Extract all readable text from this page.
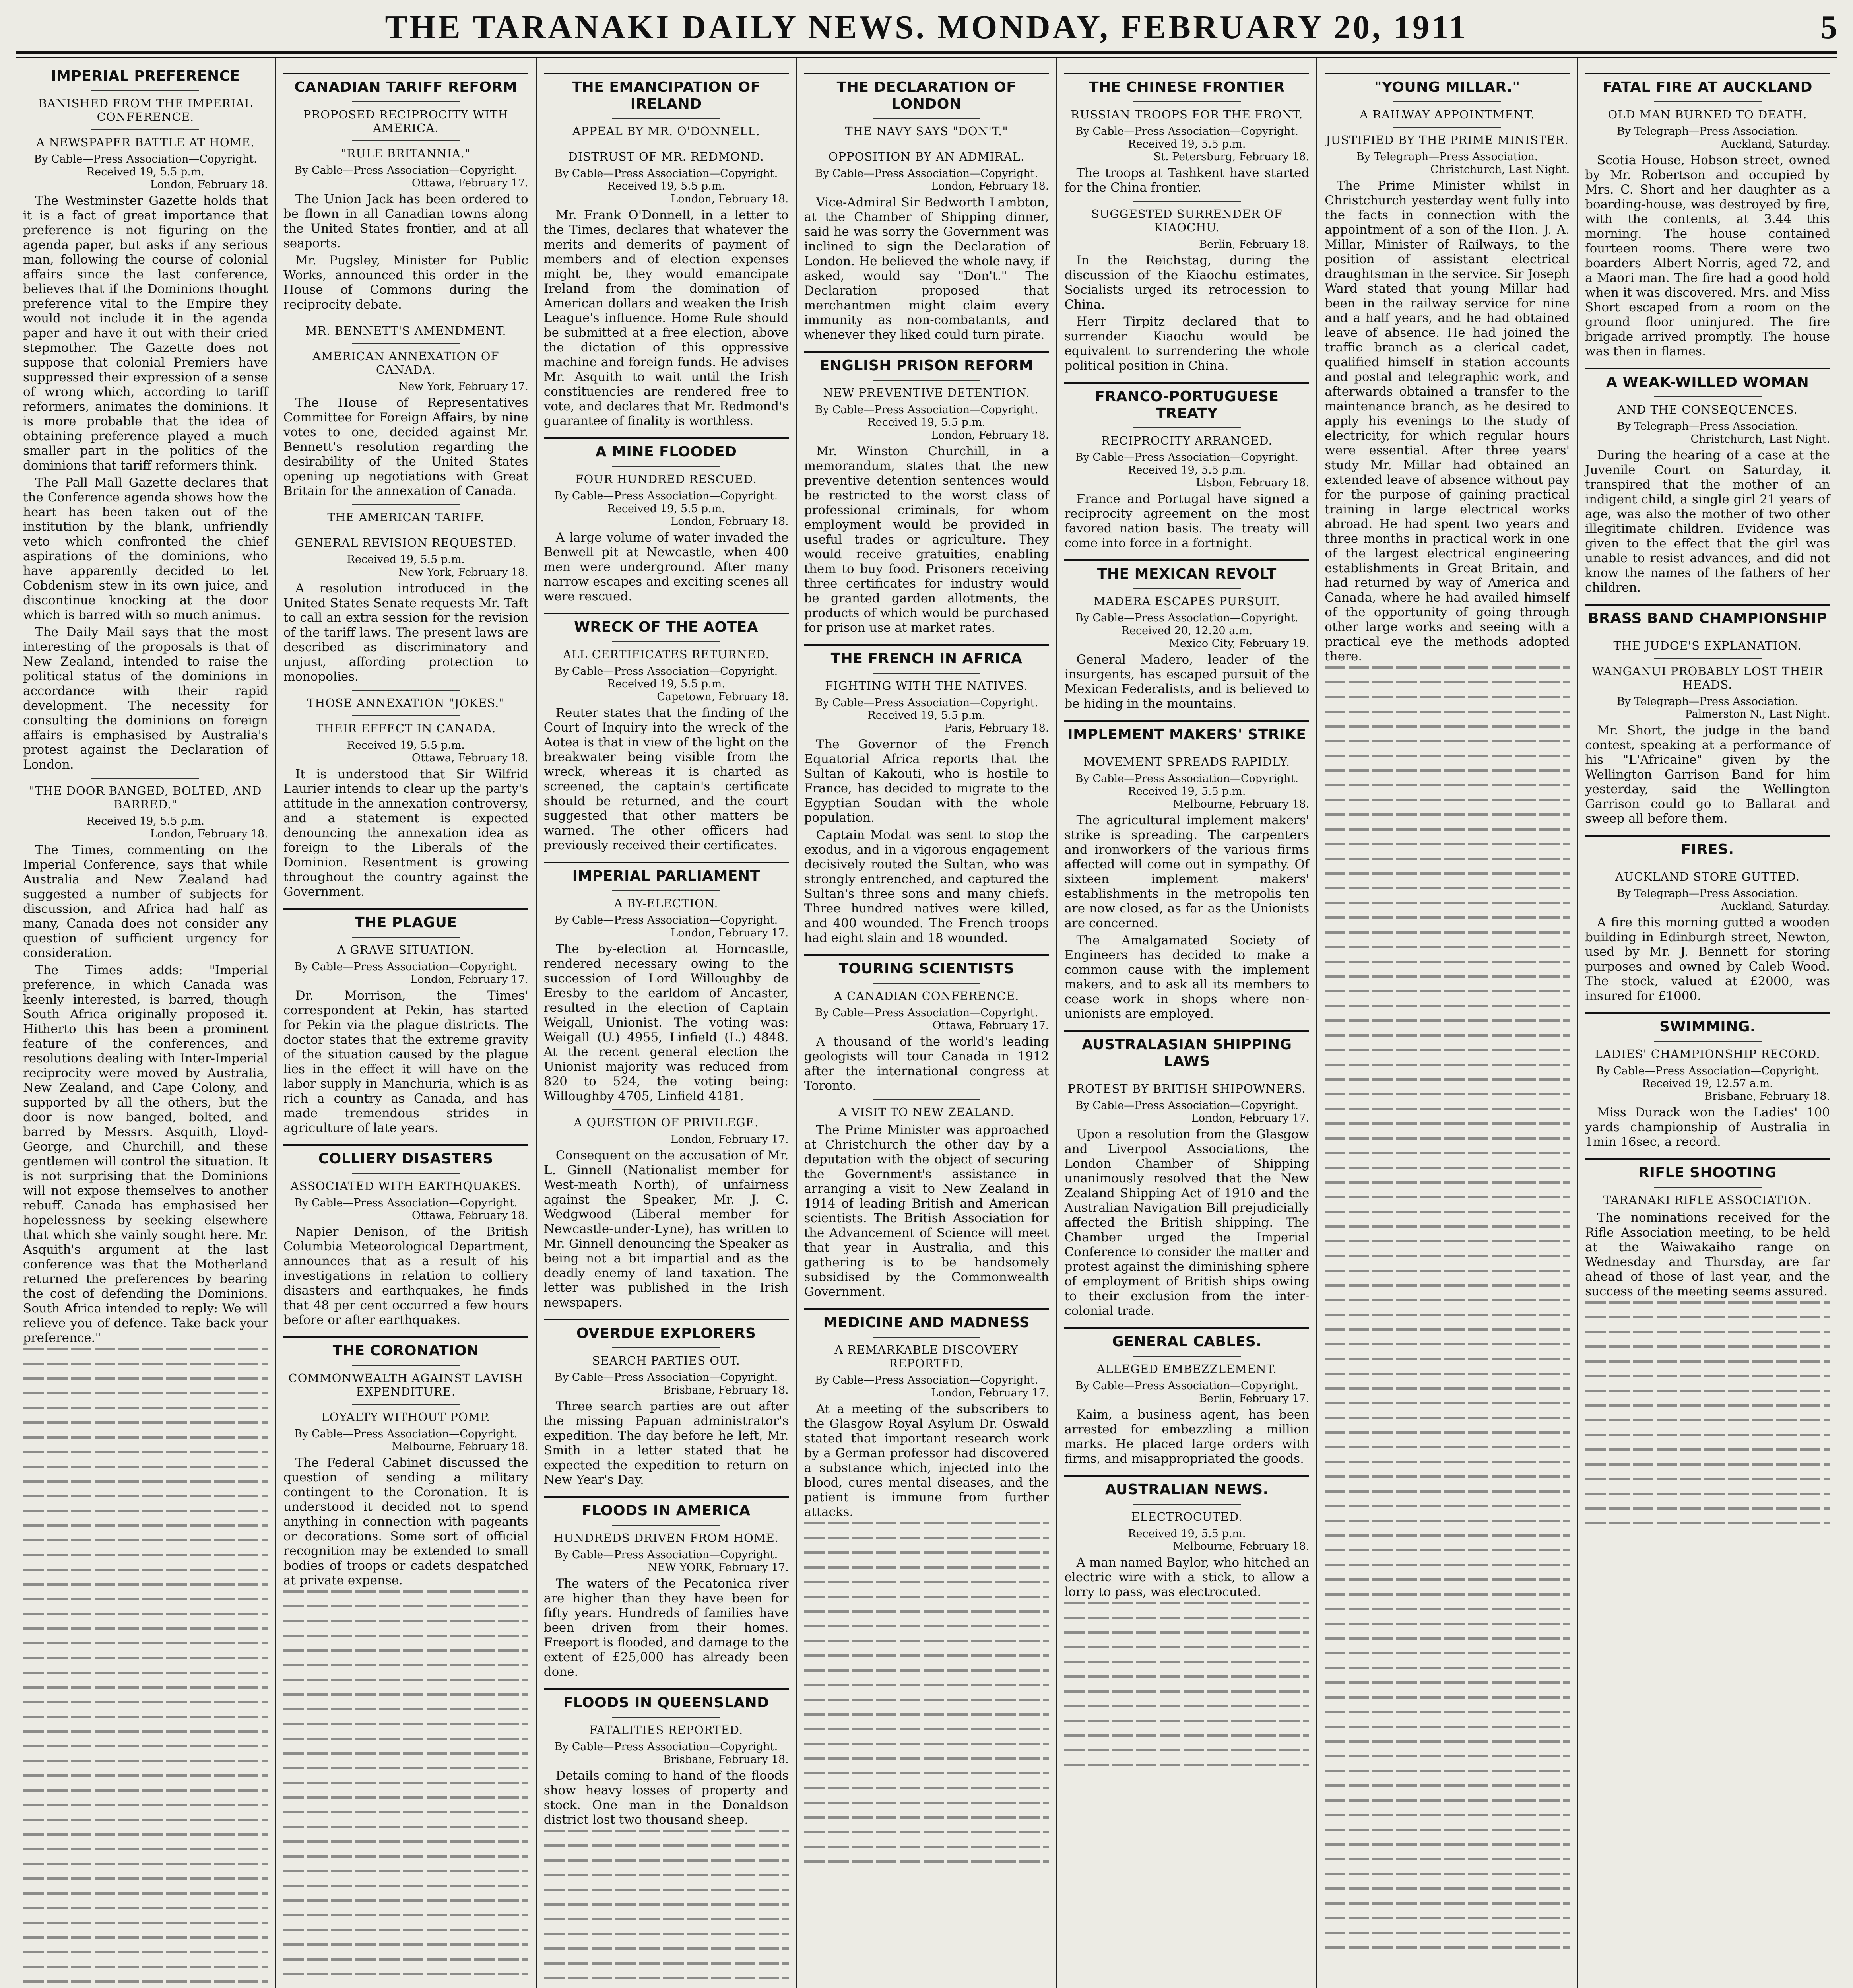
THE TARANAKI DAILY NEWS. MONDAY, FEBRUARY 20, 1911	5
IMPERIAL PREFERENCE
BANISHED FROM THE IMPERIAL CONFERENCE.
A NEWSPAPER BATTLE AT HOME.
By Cable—Press Association—Copyright.
Received 19, 5.5 p.m.
London, February 18.

The Westminster Gazette holds that it is a fact of great importance that preference is not figuring on the agenda paper, but asks if any serious man, following the course of colonial affairs since the last conference, believes that if the Dominions thought preference vital to the Empire they would not include it in the agenda paper and have it out with their cried stepmother. The Gazette does not suppose that colonial Premiers have suppressed their expression of a sense of wrong which, according to tariff reformers, animates the dominions. It is more probable that the idea of obtaining preference played a much smaller part in the politics of the dominions that tariff reformers think.

The Pall Mall Gazette declares that the Conference agenda shows how the heart has been taken out of the institution by the blank, unfriendly veto which confronted the chief aspirations of the dominions, who have apparently decided to let Cobdenism stew in its own juice, and discontinue knocking at the door which is barred with so much animus.

The Daily Mail says that the most interesting of the proposals is that of New Zealand, intended to raise the political status of the dominions in accordance with their rapid development. The necessity for consulting the dominions on foreign affairs is emphasised by Australia's protest against the Declaration of London.

"THE DOOR BANGED, BOLTED, AND BARRED."
Received 19, 5.5 p.m.
London, February 18.

The Times, commenting on the Imperial Conference, says that while Australia and New Zealand had suggested a number of subjects for discussion, and Africa had half as many, Canada does not consider any question of sufficient urgency for consideration.

The Times adds: "Imperial preference, in which Canada was keenly interested, is barred, though South Africa originally proposed it. Hitherto this has been a prominent feature of the conferences, and resolutions dealing with Inter-Imperial reciprocity were moved by Australia, New Zealand, and Cape Colony, and supported by all the others, but the door is now banged, bolted, and barred by Messrs. Asquith, Lloyd-George, and Churchill, and these gentlemen will control the situation. It is not surprising that the Dominions will not expose themselves to another rebuff. Canada has emphasised her hopelessness by seeking elsewhere that which she vainly sought here. Mr. Asquith's argument at the last conference was that the Motherland returned the preferences by bearing the cost of defending the Dominions. South Africa intended to reply: We will relieve you of defence. Take back your preference."

CANADIAN TARIFF REFORM
PROPOSED RECIPROCITY WITH AMERICA.
"RULE BRITANNIA."
By Cable—Press Association—Copyright.
Ottawa, February 17.

The Union Jack has been ordered to be flown in all Canadian towns along the United States frontier, and at all seaports.

Mr. Pugsley, Minister for Public Works, announced this order in the House of Commons during the reciprocity debate.

MR. BENNETT'S AMENDMENT.
AMERICAN ANNEXATION OF CANADA.
New York, February 17.

The House of Representatives Committee for Foreign Affairs, by nine votes to one, decided against Mr. Bennett's resolution regarding the desirability of the United States opening up negotiations with Great Britain for the annexation of Canada.

THE AMERICAN TARIFF.
GENERAL REVISION REQUESTED.
Received 19, 5.5 p.m.
New York, February 18.

A resolution introduced in the United States Senate requests Mr. Taft to call an extra session for the revision of the tariff laws. The present laws are described as discriminatory and unjust, affording protection to monopolies.

THOSE ANNEXATION "JOKES."
THEIR EFFECT IN CANADA.
Received 19, 5.5 p.m.
Ottawa, February 18.

It is understood that Sir Wilfrid Laurier intends to clear up the party's attitude in the annexation controversy, and a statement is expected denouncing the annexation idea as foreign to the Liberals of the Dominion. Resentment is growing throughout the country against the Government.

THE PLAGUE
A GRAVE SITUATION.
By Cable—Press Association—Copyright.
London, February 17.

Dr. Morrison, the Times' correspondent at Pekin, has started for Pekin via the plague districts. The doctor states that the extreme gravity of the situation caused by the plague lies in the effect it will have on the labor supply in Manchuria, which is as rich a country as Canada, and has made tremendous strides in agriculture of late years.

COLLIERY DISASTERS
ASSOCIATED WITH EARTHQUAKES.
By Cable—Press Association—Copyright.
Ottawa, February 18.

Napier Denison, of the British Columbia Meteorological Department, announces that as a result of his investigations in relation to colliery disasters and earthquakes, he finds that 48 per cent occurred a few hours before or after earthquakes.

THE CORONATION
COMMONWEALTH AGAINST LAVISH EXPENDITURE.
LOYALTY WITHOUT POMP.
By Cable—Press Association—Copyright.
Melbourne, February 18.

The Federal Cabinet discussed the question of sending a military contingent to the Coronation. It is understood it decided not to spend anything in connection with pageants or decorations. Some sort of official recognition may be extended to small bodies of troops or cadets despatched at private expense.

THE EMANCIPATION OF IRELAND
APPEAL BY MR. O'DONNELL.
DISTRUST OF MR. REDMOND.
By Cable—Press Association—Copyright.
Received 19, 5.5 p.m.
London, February 18.

Mr. Frank O'Donnell, in a letter to the Times, declares that whatever the merits and demerits of payment of members and of election expenses might be, they would emancipate Ireland from the domination of American dollars and weaken the Irish League's influence. Home Rule should be submitted at a free election, above the dictation of this oppressive machine and foreign funds. He advises Mr. Asquith to wait until the Irish constituencies are rendered free to vote, and declares that Mr. Redmond's guarantee of finality is worthless.

A MINE FLOODED
FOUR HUNDRED RESCUED.
By Cable—Press Association—Copyright.
Received 19, 5.5 p.m.
London, February 18.

A large volume of water invaded the Benwell pit at Newcastle, when 400 men were underground. After many narrow escapes and exciting scenes all were rescued.

WRECK OF THE AOTEA
ALL CERTIFICATES RETURNED.
By Cable—Press Association—Copyright.
Received 19, 5.5 p.m.
Capetown, February 18.

Reuter states that the finding of the Court of Inquiry into the wreck of the Aotea is that in view of the light on the breakwater being visible from the wreck, whereas it is charted as screened, the captain's certificate should be returned, and the court suggested that other matters be warned. The other officers had previously received their certificates.

IMPERIAL PARLIAMENT
A BY-ELECTION.
By Cable—Press Association—Copyright.
London, February 17.

The by-election at Horncastle, rendered necessary owing to the succession of Lord Willoughby de Eresby to the earldom of Ancaster, resulted in the election of Captain Weigall, Unionist. The voting was: Weigall (U.) 4955, Linfield (L.) 4848. At the recent general election the Unionist majority was reduced from 820 to 524, the voting being: Willoughby 4705, Linfield 4181.

A QUESTION OF PRIVILEGE.
London, February 17.

Consequent on the accusation of Mr. L. Ginnell (Nationalist member for West-meath North), of unfairness against the Speaker, Mr. J. C. Wedgwood (Liberal member for Newcastle-under-Lyne), has written to Mr. Ginnell denouncing the Speaker as being not a bit impartial and as the deadly enemy of land taxation. The letter was published in the Irish newspapers.

OVERDUE EXPLORERS
SEARCH PARTIES OUT.
By Cable—Press Association—Copyright.
Brisbane, February 18.

Three search parties are out after the missing Papuan administrator's expedition. The day before he left, Mr. Smith in a letter stated that he expected the expedition to return on New Year's Day.

FLOODS IN AMERICA
HUNDREDS DRIVEN FROM HOME.
By Cable—Press Association—Copyright.
NEW YORK, February 17.

The waters of the Pecatonica river are higher than they have been for fifty years. Hundreds of families have been driven from their homes. Freeport is flooded, and damage to the extent of £25,000 has already been done.

FLOODS IN QUEENSLAND
FATALITIES REPORTED.
By Cable—Press Association—Copyright.
Brisbane, February 18.

Details coming to hand of the floods show heavy losses of property and stock. One man in the Donaldson district lost two thousand sheep.

THE DECLARATION OF LONDON
THE NAVY SAYS "DON'T."
OPPOSITION BY AN ADMIRAL.
By Cable—Press Association—Copyright.
London, February 18.

Vice-Admiral Sir Bedworth Lambton, at the Chamber of Shipping dinner, said he was sorry the Government was inclined to sign the Declaration of London. He believed the whole navy, if asked, would say "Don't." The Declaration proposed that merchantmen might claim every immunity as non-combatants, and whenever they liked could turn pirate.

ENGLISH PRISON REFORM
NEW PREVENTIVE DETENTION.
By Cable—Press Association—Copyright.
Received 19, 5.5 p.m.
London, February 18.

Mr. Winston Churchill, in a memorandum, states that the new preventive detention sentences would be restricted to the worst class of professional criminals, for whom employment would be provided in useful trades or agriculture. They would receive gratuities, enabling them to buy food. Prisoners receiving three certificates for industry would be granted garden allotments, the products of which would be purchased for prison use at market rates.

THE FRENCH IN AFRICA
FIGHTING WITH THE NATIVES.
By Cable—Press Association—Copyright.
Received 19, 5.5 p.m.
Paris, February 18.

The Governor of the French Equatorial Africa reports that the Sultan of Kakouti, who is hostile to France, has decided to migrate to the Egyptian Soudan with the whole population.

Captain Modat was sent to stop the exodus, and in a vigorous engagement decisively routed the Sultan, who was strongly entrenched, and captured the Sultan's three sons and many chiefs. Three hundred natives were killed, and 400 wounded. The French troops had eight slain and 18 wounded.

TOURING SCIENTISTS
A CANADIAN CONFERENCE.
By Cable—Press Association—Copyright.
Ottawa, February 17.

A thousand of the world's leading geologists will tour Canada in 1912 after the international congress at Toronto.

A VISIT TO NEW ZEALAND.

The Prime Minister was approached at Christchurch the other day by a deputation with the object of securing the Government's assistance in arranging a visit to New Zealand in 1914 of leading British and American scientists. The British Association for the Advancement of Science will meet that year in Australia, and this gathering is to be handsomely subsidised by the Commonwealth Government.

MEDICINE AND MADNESS
A REMARKABLE DISCOVERY REPORTED.
By Cable—Press Association—Copyright.
London, February 17.

At a meeting of the subscribers to the Glasgow Royal Asylum Dr. Oswald stated that important research work by a German professor had discovered a substance which, injected into the blood, cures mental diseases, and the patient is immune from further attacks.

THE CHINESE FRONTIER
RUSSIAN TROOPS FOR THE FRONT.
By Cable—Press Association—Copyright.
Received 19, 5.5 p.m.
St. Petersburg, February 18.

The troops at Tashkent have started for the China frontier.

SUGGESTED SURRENDER OF KIAOCHU.
Berlin, February 18.

In the Reichstag, during the discussion of the Kiaochu estimates, Socialists urged its retrocession to China.

Herr Tirpitz declared that to surrender Kiaochu would be equivalent to surrendering the whole political position in China.

FRANCO-PORTUGUESE TREATY
RECIPROCITY ARRANGED.
By Cable—Press Association—Copyright.
Received 19, 5.5 p.m.
Lisbon, February 18.

France and Portugal have signed a reciprocity agreement on the most favored nation basis. The treaty will come into force in a fortnight.

THE MEXICAN REVOLT
MADERA ESCAPES PURSUIT.
By Cable—Press Association—Copyright.
Received 20, 12.20 a.m.
Mexico City, February 19.

General Madero, leader of the insurgents, has escaped pursuit of the Mexican Federalists, and is believed to be hiding in the mountains.

IMPLEMENT MAKERS' STRIKE
MOVEMENT SPREADS RAPIDLY.
By Cable—Press Association—Copyright.
Received 19, 5.5 p.m.
Melbourne, February 18.

The agricultural implement makers' strike is spreading. The carpenters and ironworkers of the various firms affected will come out in sympathy. Of sixteen implement makers' establishments in the metropolis ten are now closed, as far as the Unionists are concerned.

The Amalgamated Society of Engineers has decided to make a common cause with the implement makers, and to ask all its members to cease work in shops where non-unionists are employed.

AUSTRALASIAN SHIPPING LAWS
PROTEST BY BRITISH SHIPOWNERS.
By Cable—Press Association—Copyright.
London, February 17.

Upon a resolution from the Glasgow and Liverpool Associations, the London Chamber of Shipping unanimously resolved that the New Zealand Shipping Act of 1910 and the Australian Navigation Bill prejudicially affected the British shipping. The Chamber urged the Imperial Conference to consider the matter and protest against the diminishing sphere of employment of British ships owing to their exclusion from the inter-colonial trade.

GENERAL CABLES.
ALLEGED EMBEZZLEMENT.
By Cable—Press Association—Copyright.
Berlin, February 17.

Kaim, a business agent, has been arrested for embezzling a million marks. He placed large orders with firms, and misappropriated the goods.

AUSTRALIAN NEWS.
ELECTROCUTED.
Received 19, 5.5 p.m.
Melbourne, February 18.

A man named Baylor, who hitched an electric wire with a stick, to allow a lorry to pass, was electrocuted.

"YOUNG MILLAR."
A RAILWAY APPOINTMENT.
JUSTIFIED BY THE PRIME MINISTER.
By Telegraph—Press Association.
Christchurch, Last Night.

The Prime Minister whilst in Christchurch yesterday went fully into the facts in connection with the appointment of a son of the Hon. J. A. Millar, Minister of Railways, to the position of assistant electrical draughtsman in the service. Sir Joseph Ward stated that young Millar had been in the railway service for nine and a half years, and he had obtained leave of absence. He had joined the traffic branch as a clerical cadet, qualified himself in station accounts and postal and telegraphic work, and afterwards obtained a transfer to the maintenance branch, as he desired to apply his evenings to the study of electricity, for which regular hours were essential. After three years' study Mr. Millar had obtained an extended leave of absence without pay for the purpose of gaining practical training in large electrical works abroad. He had spent two years and three months in practical work in one of the largest electrical engineering establishments in Great Britain, and had returned by way of America and Canada, where he had availed himself of the opportunity of going through other large works and seeing with a practical eye the methods adopted there.

FATAL FIRE AT AUCKLAND
OLD MAN BURNED TO DEATH.
By Telegraph—Press Association.
Auckland, Saturday.

Scotia House, Hobson street, owned by Mr. Robertson and occupied by Mrs. C. Short and her daughter as a boarding-house, was destroyed by fire, with the contents, at 3.44 this morning. The house contained fourteen rooms. There were two boarders—Albert Norris, aged 72, and a Maori man. The fire had a good hold when it was discovered. Mrs. and Miss Short escaped from a room on the ground floor uninjured. The fire brigade arrived promptly. The house was then in flames.

A WEAK-WILLED WOMAN
AND THE CONSEQUENCES.
By Telegraph—Press Association.
Christchurch, Last Night.

During the hearing of a case at the Juvenile Court on Saturday, it transpired that the mother of an indigent child, a single girl 21 years of age, was also the mother of two other illegitimate children. Evidence was given to the effect that the girl was unable to resist advances, and did not know the names of the fathers of her children.

BRASS BAND CHAMPIONSHIP
THE JUDGE'S EXPLANATION.
WANGANUI PROBABLY LOST THEIR HEADS.
By Telegraph—Press Association.
Palmerston N., Last Night.

Mr. Short, the judge in the band contest, speaking at a performance of his "L'Africaine" given by the Wellington Garrison Band for him yesterday, said the Wellington Garrison could go to Ballarat and sweep all before them.

FIRES.
AUCKLAND STORE GUTTED.
By Telegraph—Press Association.
Auckland, Saturday.

A fire this morning gutted a wooden building in Edinburgh street, Newton, used by Mr. J. Bennett for storing purposes and owned by Caleb Wood. The stock, valued at £2000, was insured for £1000.

SWIMMING.
LADIES' CHAMPIONSHIP RECORD.
By Cable—Press Association—Copyright.
Received 19, 12.57 a.m.
Brisbane, February 18.

Miss Durack won the Ladies' 100 yards championship of Australia in 1min 16sec, a record.

RIFLE SHOOTING
TARANAKI RIFLE ASSOCIATION.

The nominations received for the Rifle Association meeting, to be held at the Waiwakaiho range on Wednesday and Thursday, are far ahead of those of last year, and the success of the meeting seems assured.
